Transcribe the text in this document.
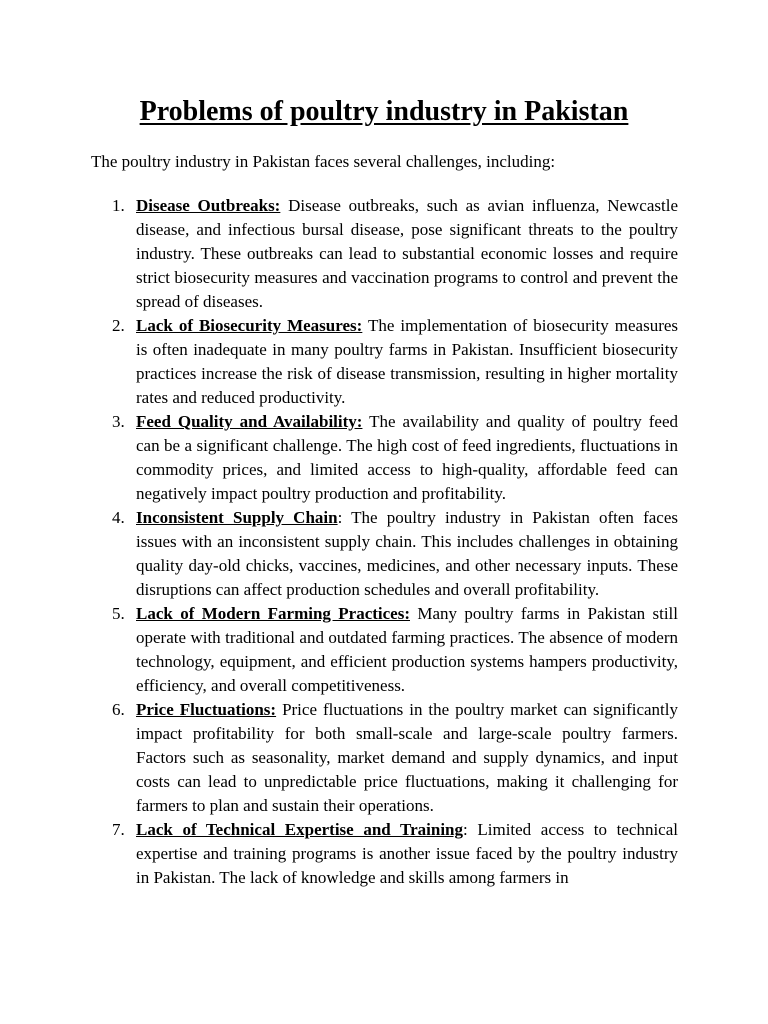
Problems of poultry industry in Pakistan

The poultry industry in Pakistan faces several challenges, including:

1. Disease Outbreaks: Disease outbreaks, such as avian influenza, Newcastle disease, and infectious bursal disease, pose significant threats to the poultry industry. These outbreaks can lead to substantial economic losses and require strict biosecurity measures and vaccination programs to control and prevent the spread of diseases.
2. Lack of Biosecurity Measures: The implementation of biosecurity measures is often inadequate in many poultry farms in Pakistan. Insufficient biosecurity practices increase the risk of disease transmission, resulting in higher mortality rates and reduced productivity.
3. Feed Quality and Availability: The availability and quality of poultry feed can be a significant challenge. The high cost of feed ingredients, fluctuations in commodity prices, and limited access to high-quality, affordable feed can negatively impact poultry production and profitability.
4. Inconsistent Supply Chain: The poultry industry in Pakistan often faces issues with an inconsistent supply chain. This includes challenges in obtaining quality day-old chicks, vaccines, medicines, and other necessary inputs. These disruptions can affect production schedules and overall profitability.
5. Lack of Modern Farming Practices: Many poultry farms in Pakistan still operate with traditional and outdated farming practices. The absence of modern technology, equipment, and efficient production systems hampers productivity, efficiency, and overall competitiveness.
6. Price Fluctuations: Price fluctuations in the poultry market can significantly impact profitability for both small-scale and large-scale poultry farmers. Factors such as seasonality, market demand and supply dynamics, and input costs can lead to unpredictable price fluctuations, making it challenging for farmers to plan and sustain their operations.
7. Lack of Technical Expertise and Training: Limited access to technical expertise and training programs is another issue faced by the poultry industry in Pakistan. The lack of knowledge and skills among farmers in
